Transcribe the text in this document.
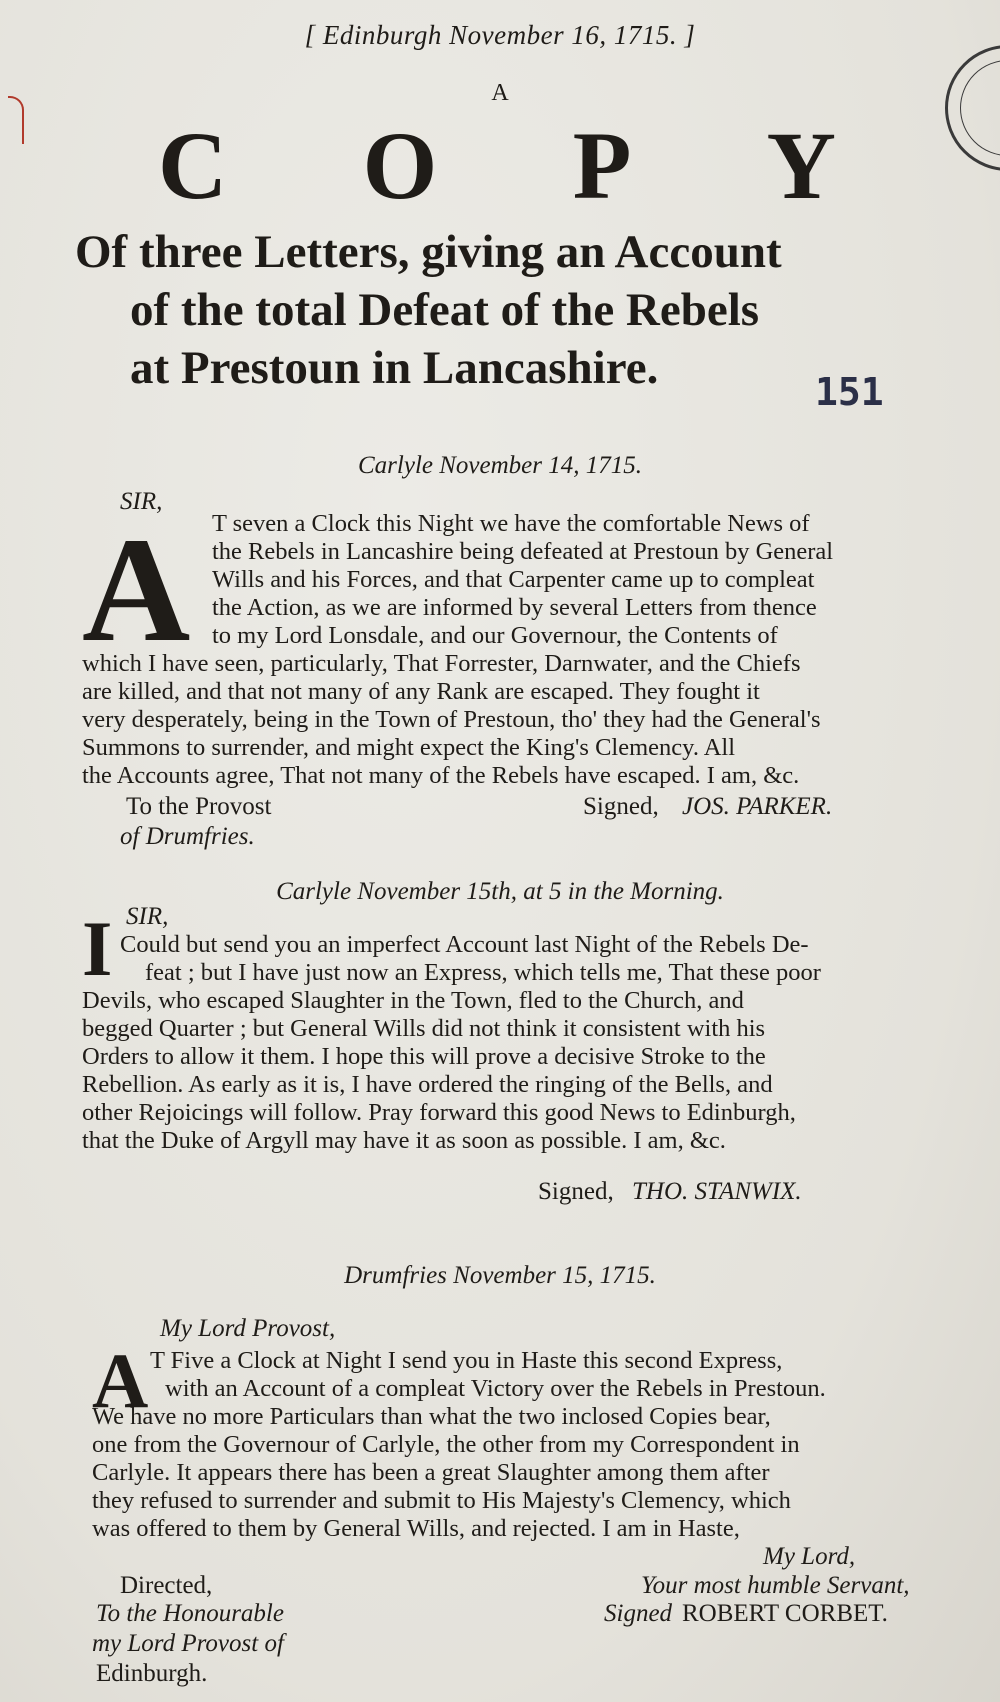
[ Edinburgh November 16, 1715. ]
A
C O P Y
Of three Letters, giving an Account
of the total Defeat of the Rebels
at Prestoun in Lancashire.	151
Carlyle November 14, 1715.
SIR,
A T seven a Clock this Night we have the comfortable News of
the Rebels in Lancashire being defeated at Prestoun by General
Wills and his Forces, and that Carpenter came up to compleat
the Action, as we are informed by several Letters from thence
to my Lord Lonsdale, and our Governour, the Contents of
which I have seen, particularly, That Forrester, Darnwater, and the Chiefs
are killed, and that not many of any Rank are escaped. They fought it
very desperately, being in the Town of Prestoun, tho' they had the General's
Summons to surrender, and might expect the King's Clemency. All
the Accounts agree, That not many of the Rebels have escaped. I am, &c.
To the Provost
of Drumfries.
Signed, JOS. PARKER.
Carlyle November 15th, at 5 in the Morning.
SIR,
I Could but send you an imperfect Account last Night of the Rebels De-
feat ; but I have just now an Express, which tells me, That these poor
Devils, who escaped Slaughter in the Town, fled to the Church, and
begged Quarter ; but General Wills did not think it consistent with his
Orders to allow it them. I hope this will prove a decisive Stroke to the
Rebellion. As early as it is, I have ordered the ringing of the Bells, and
other Rejoicings will follow. Pray forward this good News to Edinburgh,
that the Duke of Argyll may have it as soon as possible. I am, &c.
Signed, THO. STANWIX.
Drumfries November 15, 1715.
My Lord Provost,
A T Five a Clock at Night I send you in Haste this second Express,
with an Account of a compleat Victory over the Rebels in Prestoun.
We have no more Particulars than what the two inclosed Copies bear,
one from the Governour of Carlyle, the other from my Correspondent in
Carlyle. It appears there has been a great Slaughter among them after
they refused to surrender and submit to His Majesty's Clemency, which
was offered to them by General Wills, and rejected. I am in Haste,
My Lord,
Your most humble Servant,
Signed ROBERT CORBET.
Directed,
To the Honourable
my Lord Provost of
Edinburgh.
